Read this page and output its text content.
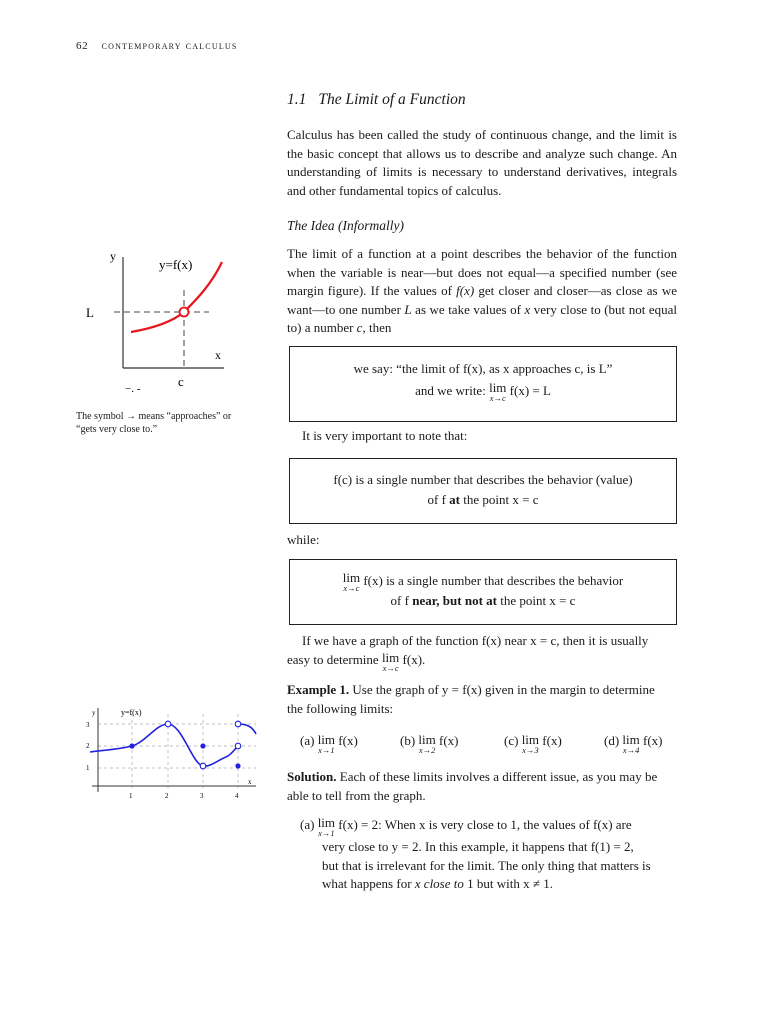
62 contemporary calculus
1.1 The Limit of a Function
Calculus has been called the study of continuous change, and the limit is the basic concept that allows us to describe and analyze such change. An understanding of limits is necessary to understand derivatives, integrals and other fundamental topics of calculus.
The Idea (Informally)
The limit of a function at a point describes the behavior of the function when the variable is near—but does not equal—a specified number (see margin figure). If the values of f(x) get closer and closer—as close as we want—to one number L as we take values of x very close to (but not equal to) a number c, then
we say: “the limit of f(x), as x approaches c, is L”
and we write: lim
x→c f(x) = L
It is very important to note that:
f(c) is a single number that describes the behavior (value)
of f at the point x = c
while:
lim
x→c f(x) is a single number that describes the behavior
of f near, but not at the point x = c
If we have a graph of the function f(x) near x = c, then it is usually
easy to determine lim
x→c
f(x).
Example 1. Use the graph of y = f(x) given in the margin to determine
the following limits:
(a) lim
x→1
f(x)	(b) lim
x→2
f(x)	(c) lim
x→3
f(x)	(d) lim
x→4
f(x)
Solution. Each of these limits involves a different issue, as you may be
able to tell from the graph.
(a) lim
x→1
f(x) = 2: When x is very close to 1, the values of f(x) are
very close to y = 2. In this example, it happens that f(1) = 2,
but that is irrelevant for the limit. The only thing that matters is
what happens for x close to 1 but with x ≠ 1.
y
x
y=f(x)
L
c
−. -
The symbol → means “approaches” or
“gets very close to.”
y
x
y=f(x)
1	2	3	4
1
2
3
